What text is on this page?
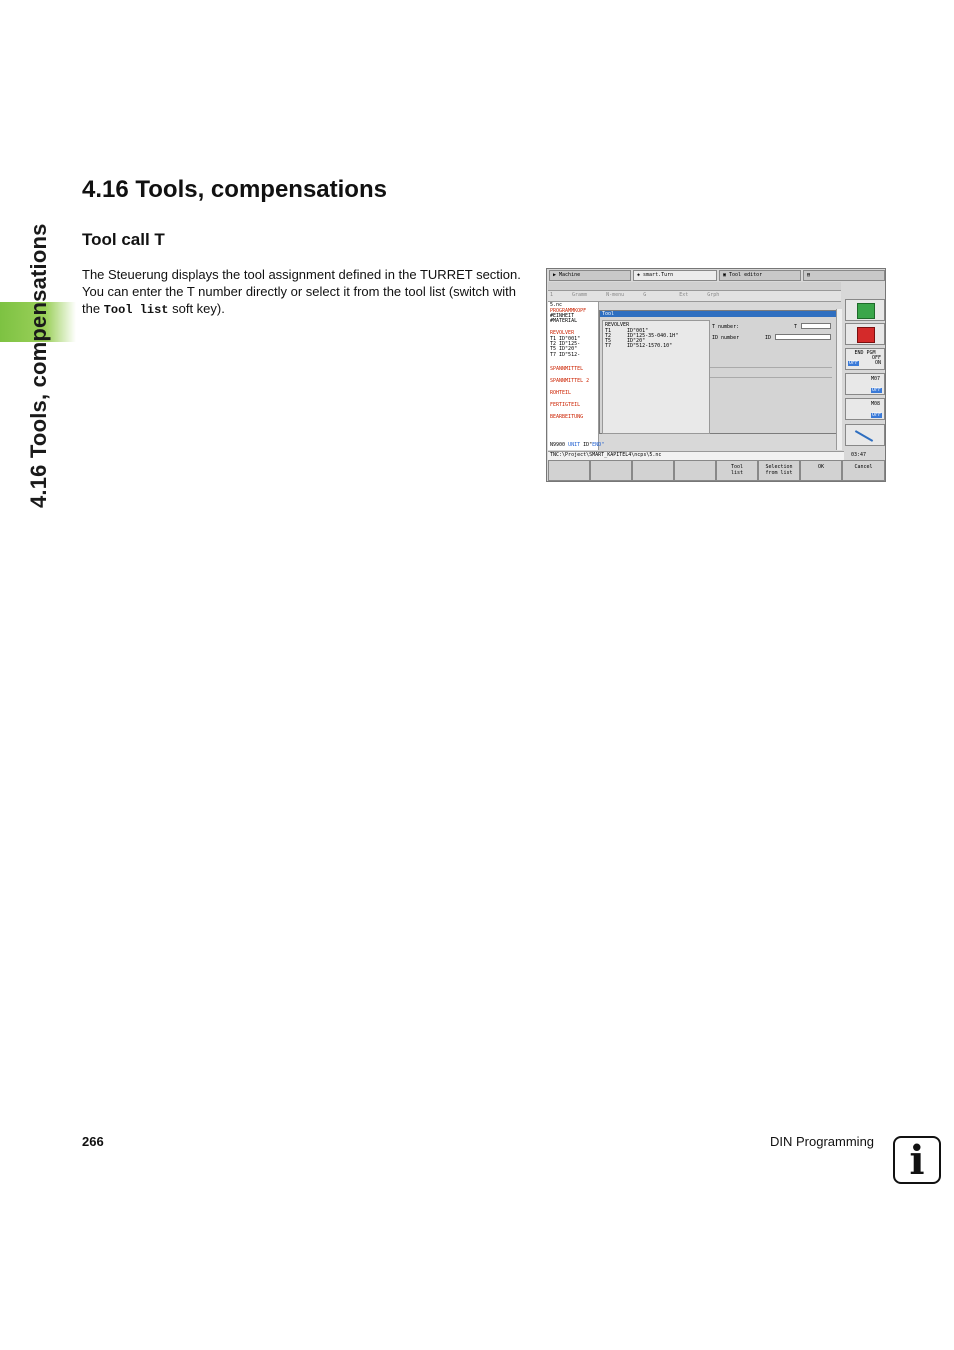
4.16 Tools, compensations
4.16 Tools, compensations
Tool call T

The Steuerung displays the tool assignment defined in the TURRET section. You can enter the T number directly or select it from the tool list (switch with the Tool list soft key).

▶ Machine	◈ smart.Turn	▣ Tool editor	▤
1	Gramm	N-menu	G	Ext	Grph
5.nc
PROGRAMMKOPF
#EINHEIT
#MATERIAL
REVOLVER
T1 ID"001"
T2 ID"125-
T5 ID"20"
T7 ID"512-
SPANNMITTEL
SPANNMITTEL 2
ROHTEIL
FERTIGTEIL
BEARBEITUNG
N9900 UNIT ID"END"
Tool
REVOLVER
T1	ID"001"
T2	ID"125-35-040.1H"
T5	ID"20"
T7	ID"512-1570.10"
T number:	T
ID number	ID
END PGM
OFF
OFF	ON
M07
OFF
M08
OFF
TNC:\Project\SMART_KAPITEL4\ncps\5.nc	03:47
Tool
list
Selection
from list
OK	Cancel
266	DIN Programming i
